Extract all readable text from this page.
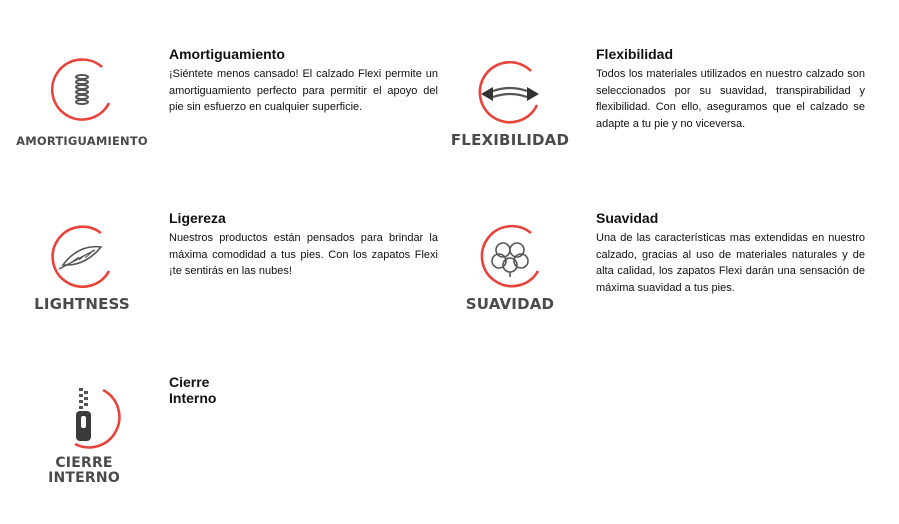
AMORTIGUAMIENTO
Amortiguamiento

¡Siéntete menos cansado! El calzado Flexi permite un amortiguamiento perfecto para permitir el apoyo del pie sin esfuerzo en cualquier superficie.

FLEXIBILIDAD
Flexibilidad

Todos los materiales utilizados en nuestro calzado son seleccionados por su suavidad, transpirabilidad y flexibilidad. Con ello, aseguramos que el calzado se adapte a tu pie y no viceversa.

LIGHTNESS
Ligereza

Nuestros productos están pensados para brindar la máxima comodidad a tus pies. Con los zapatos Flexi ¡te sentirás en las nubes!

SUAVIDAD
Suavidad

Una de las características mas extendidas en nuestro calzado, gracias al uso de materiales naturales y de alta calidad, los zapatos Flexi darán una sensación de máxima suavidad a tus pies.

CIERRE
INTERNO
Cierre Interno
